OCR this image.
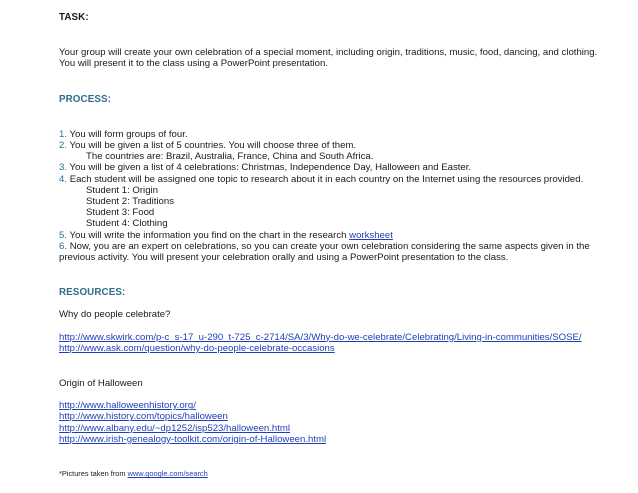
TASK:

Your group will create your own celebration of a special moment, including origin, traditions, music, food, dancing, and clothing.

You will present it to the class using a PowerPoint presentation.

PROCESS:
1. You will form groups of four.
2. You will be given a list of 5 countries. You will choose three of them.
The countries are: Brazil, Australia, France, China and South Africa.
3. You will be given a list of 4 celebrations: Christmas, Independence Day, Halloween and Easter.
4. Each student will be assigned one topic to research about it in each country on the Internet using the resources provided.
Student 1: Origin
Student 2: Traditions
Student 3: Food
Student 4: Clothing
5. You will write the information you find on the chart in the research worksheet
6. Now, you are an expert on celebrations, so you can create your own celebration considering the same aspects given in the
previous activity. You will present your celebration orally and using a PowerPoint presentation to the class.
RESOURCES:
Why do people celebrate?
http://www.skwirk.com/p-c_s-17_u-290_t-725_c-2714/SA/3/Why-do-we-celebrate/Celebrating/Living-in-communities/SOSE/
http://www.ask.com/question/why-do-people-celebrate-occasions
Origin of Halloween
http://www.halloweenhistory.org/
http://www.history.com/topics/halloween
http://www.albany.edu/~dp1252/isp523/halloween.html
http://www.irish-genealogy-toolkit.com/origin-of-Halloween.html
*Pictures taken from www.google.com/search
